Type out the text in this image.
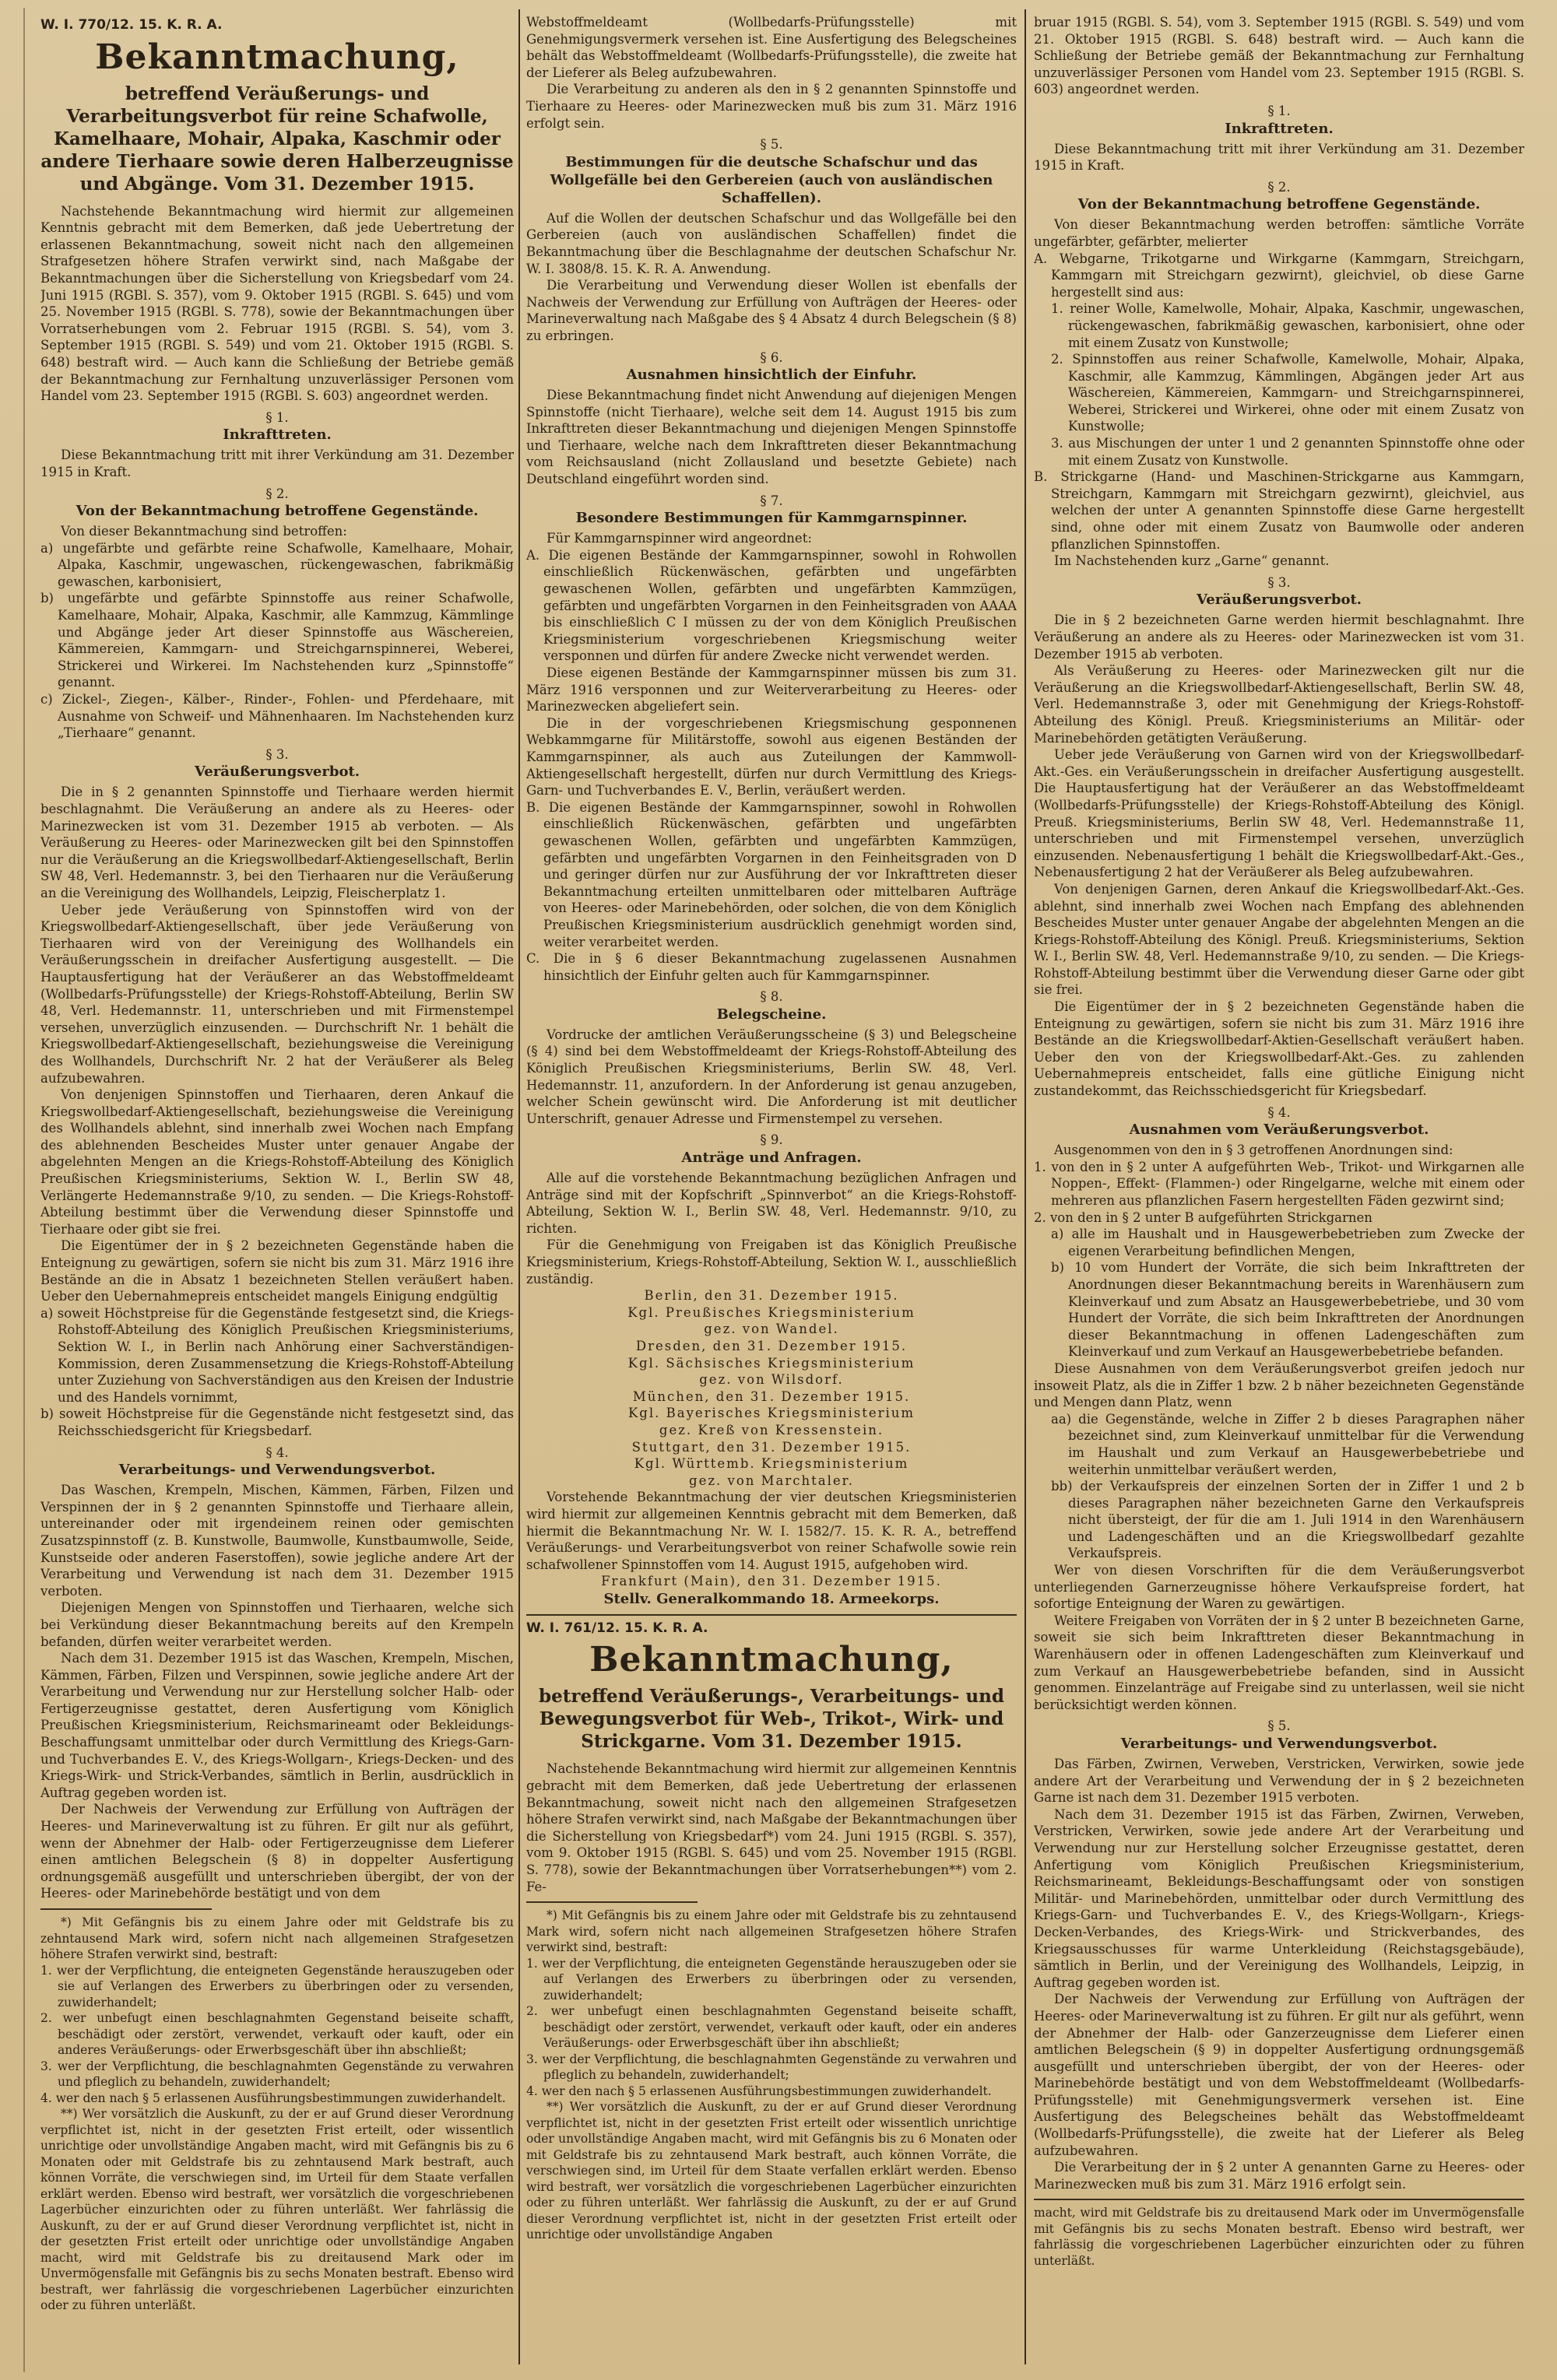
W. I. 770/12. 15. K. R. A.

Bekanntmachung,

betreffend Veräußerungs- und Verarbeitungsverbot für reine Schafwolle, Kamelhaare, Mohair, Alpaka, Kaschmir oder andere Tierhaare sowie deren Halberzeugnisse und Abgänge. Vom 31. Dezember 1915.

Nachstehende Bekanntmachung wird hiermit zur allgemeinen Kenntnis gebracht mit dem Bemerken, daß jede Uebertretung der erlassenen Bekanntmachung, soweit nicht nach den allgemeinen Strafgesetzen höhere Strafen verwirkt sind, nach Maßgabe der Bekanntmachungen über die Sicherstellung von Kriegsbedarf vom 24. Juni 1915 (RGBl. S. 357), vom 9. Oktober 1915 (RGBl. S. 645) und vom 25. November 1915 (RGBl. S. 778), sowie der Bekanntmachungen über Vorratserhebungen vom 2. Februar 1915 (RGBl. S. 54), vom 3. September 1915 (RGBl. S. 549) und vom 21. Oktober 1915 (RGBl. S. 648) bestraft wird. — Auch kann die Schließung der Betriebe gemäß der Bekanntmachung zur Fernhaltung unzuverlässiger Personen vom Handel vom 23. September 1915 (RGBl. S. 603) angeordnet werden.

§ 1.

Inkrafttreten.

Diese Bekanntmachung tritt mit ihrer Verkündung am 31. Dezember 1915 in Kraft.

§ 2.

Von der Bekanntmachung betroffene Gegenstände.

Von dieser Bekanntmachung sind betroffen:

a) ungefärbte und gefärbte reine Schafwolle, Kamelhaare, Mohair, Alpaka, Kaschmir, ungewaschen, rückengewaschen, fabrikmäßig gewaschen, karbonisiert,

b) ungefärbte und gefärbte Spinnstoffe aus reiner Schafwolle, Kamelhaare, Mohair, Alpaka, Kaschmir, alle Kammzug, Kämmlinge und Abgänge jeder Art dieser Spinnstoffe aus Wäschereien, Kämmereien, Kammgarn- und Streichgarnspinnerei, Weberei, Strickerei und Wirkerei. Im Nachstehenden kurz „Spinnstoffe“ genannt.

c) Zickel-, Ziegen-, Kälber-, Rinder-, Fohlen- und Pferdehaare, mit Ausnahme von Schweif- und Mähnenhaaren. Im Nachstehenden kurz „Tierhaare“ genannt.

§ 3.

Veräußerungsverbot.

Die in § 2 genannten Spinnstoffe und Tierhaare werden hiermit beschlagnahmt. Die Veräußerung an andere als zu Heeres- oder Marinezwecken ist vom 31. Dezember 1915 ab verboten. — Als Veräußerung zu Heeres- oder Marinezwecken gilt bei den Spinnstoffen nur die Veräußerung an die Kriegswollbedarf-Aktiengesellschaft, Berlin SW 48, Verl. Hedemannstr. 3, bei den Tierhaaren nur die Veräußerung an die Vereinigung des Wollhandels, Leipzig, Fleischerplatz 1.

Ueber jede Veräußerung von Spinnstoffen wird von der Kriegswollbedarf-Aktiengesellschaft, über jede Veräußerung von Tierhaaren wird von der Vereinigung des Wollhandels ein Veräußerungsschein in dreifacher Ausfertigung ausgestellt. — Die Hauptausfertigung hat der Veräußerer an das Webstoffmeldeamt (Wollbedarfs-Prüfungsstelle) der Kriegs-Rohstoff-Abteilung, Berlin SW 48, Verl. Hedemannstr. 11, unterschrieben und mit Firmenstempel versehen, unverzüglich einzusenden. — Durchschrift Nr. 1 behält die Kriegswollbedarf-Aktiengesellschaft, beziehungsweise die Vereinigung des Wollhandels, Durchschrift Nr. 2 hat der Veräußerer als Beleg aufzubewahren.

Von denjenigen Spinnstoffen und Tierhaaren, deren Ankauf die Kriegswollbedarf-Aktiengesellschaft, beziehungsweise die Vereinigung des Wollhandels ablehnt, sind innerhalb zwei Wochen nach Empfang des ablehnenden Bescheides Muster unter genauer Angabe der abgelehnten Mengen an die Kriegs-Rohstoff-Abteilung des Königlich Preußischen Kriegsministeriums, Sektion W. I., Berlin SW 48, Verlängerte Hedemannstraße 9/10, zu senden. — Die Kriegs-Rohstoff-Abteilung bestimmt über die Verwendung dieser Spinnstoffe und Tierhaare oder gibt sie frei.

Die Eigentümer der in § 2 bezeichneten Gegenstände haben die Enteignung zu gewärtigen, sofern sie nicht bis zum 31. März 1916 ihre Bestände an die in Absatz 1 bezeichneten Stellen veräußert haben. Ueber den Uebernahmepreis entscheidet mangels Einigung endgültig

a) soweit Höchstpreise für die Gegenstände festgesetzt sind, die Kriegs-Rohstoff-Abteilung des Königlich Preußischen Kriegsministeriums, Sektion W. I., in Berlin nach Anhörung einer Sachverständigen-Kommission, deren Zusammensetzung die Kriegs-Rohstoff-Abteilung unter Zuziehung von Sachverständigen aus den Kreisen der Industrie und des Handels vornimmt,

b) soweit Höchstpreise für die Gegenstände nicht festgesetzt sind, das Reichsschiedsgericht für Kriegsbedarf.

§ 4.

Verarbeitungs- und Verwendungsverbot.

Das Waschen, Krempeln, Mischen, Kämmen, Färben, Filzen und Verspinnen der in § 2 genannten Spinnstoffe und Tierhaare allein, untereinander oder mit irgendeinem reinen oder gemischten Zusatzspinnstoff (z. B. Kunstwolle, Baumwolle, Kunstbaumwolle, Seide, Kunstseide oder anderen Faserstoffen), sowie jegliche andere Art der Verarbeitung und Verwendung ist nach dem 31. Dezember 1915 verboten.

Diejenigen Mengen von Spinnstoffen und Tierhaaren, welche sich bei Verkündung dieser Bekanntmachung bereits auf den Krempeln befanden, dürfen weiter verarbeitet werden.

Nach dem 31. Dezember 1915 ist das Waschen, Krempeln, Mischen, Kämmen, Färben, Filzen und Verspinnen, sowie jegliche andere Art der Verarbeitung und Verwendung nur zur Herstellung solcher Halb- oder Fertigerzeugnisse gestattet, deren Ausfertigung vom Königlich Preußischen Kriegsministerium, Reichsmarineamt oder Bekleidungs-Beschaffungsamt unmittelbar oder durch Vermittlung des Kriegs-Garn- und Tuchverbandes E. V., des Kriegs-Wollgarn-, Kriegs-Decken- und des Kriegs-Wirk- und Strick-Verbandes, sämtlich in Berlin, ausdrücklich in Auftrag gegeben worden ist.

Der Nachweis der Verwendung zur Erfüllung von Aufträgen der Heeres- und Marineverwaltung ist zu führen. Er gilt nur als geführt, wenn der Abnehmer der Halb- oder Fertigerzeugnisse dem Lieferer einen amtlichen Belegschein (§ 8) in doppelter Ausfertigung ordnungsgemäß ausgefüllt und unterschrieben übergibt, der von der Heeres- oder Marinebehörde bestätigt und von dem

*) Mit Gefängnis bis zu einem Jahre oder mit Geldstrafe bis zu zehntausend Mark wird, sofern nicht nach allgemeinen Strafgesetzen höhere Strafen verwirkt sind, bestraft:

1. wer der Verpflichtung, die enteigneten Gegenstände herauszugeben oder sie auf Verlangen des Erwerbers zu überbringen oder zu versenden, zuwiderhandelt;

2. wer unbefugt einen beschlagnahmten Gegenstand beiseite schafft, beschädigt oder zerstört, verwendet, verkauft oder kauft, oder ein anderes Veräußerungs- oder Erwerbsgeschäft über ihn abschließt;

3. wer der Verpflichtung, die beschlagnahmten Gegenstände zu verwahren und pfleglich zu behandeln, zuwiderhandelt;

4. wer den nach § 5 erlassenen Ausführungsbestimmungen zuwiderhandelt.

**) Wer vorsätzlich die Auskunft, zu der er auf Grund dieser Verordnung verpflichtet ist, nicht in der gesetzten Frist erteilt, oder wissentlich unrichtige oder unvollständige Angaben macht, wird mit Gefängnis bis zu 6 Monaten oder mit Geldstrafe bis zu zehntausend Mark bestraft, auch können Vorräte, die verschwiegen sind, im Urteil für dem Staate verfallen erklärt werden. Ebenso wird bestraft, wer vorsätzlich die vorgeschriebenen Lagerbücher einzurichten oder zu führen unterläßt. Wer fahrlässig die Auskunft, zu der er auf Grund dieser Verordnung verpflichtet ist, nicht in der gesetzten Frist erteilt oder unrichtige oder unvollständige Angaben macht, wird mit Geldstrafe bis zu dreitausend Mark oder im Unvermögensfalle mit Gefängnis bis zu sechs Monaten bestraft. Ebenso wird bestraft, wer fahrlässig die vorgeschriebenen Lagerbücher einzurichten oder zu führen unterläßt.

Webstoffmeldeamt (Wollbedarfs-Prüfungsstelle) mit Genehmigungsvermerk versehen ist. Eine Ausfertigung des Belegscheines behält das Webstoffmeldeamt (Wollbedarfs-Prüfungsstelle), die zweite hat der Lieferer als Beleg aufzubewahren.

Die Verarbeitung zu anderen als den in § 2 genannten Spinnstoffe und Tierhaare zu Heeres- oder Marinezwecken muß bis zum 31. März 1916 erfolgt sein.

§ 5.

Bestimmungen für die deutsche Schafschur und das Wollgefälle bei den Gerbereien (auch von ausländischen Schaffellen).

Auf die Wollen der deutschen Schafschur und das Wollgefälle bei den Gerbereien (auch von ausländischen Schaffellen) findet die Bekanntmachung über die Beschlagnahme der deutschen Schafschur Nr. W. I. 3808/8. 15. K. R. A. Anwendung.

Die Verarbeitung und Verwendung dieser Wollen ist ebenfalls der Nachweis der Verwendung zur Erfüllung von Aufträgen der Heeres- oder Marineverwaltung nach Maßgabe des § 4 Absatz 4 durch Belegschein (§ 8) zu erbringen.

§ 6.

Ausnahmen hinsichtlich der Einfuhr.

Diese Bekanntmachung findet nicht Anwendung auf diejenigen Mengen Spinnstoffe (nicht Tierhaare), welche seit dem 14. August 1915 bis zum Inkrafttreten dieser Bekanntmachung und diejenigen Mengen Spinnstoffe und Tierhaare, welche nach dem Inkrafttreten dieser Bekanntmachung vom Reichsausland (nicht Zollausland und besetzte Gebiete) nach Deutschland eingeführt worden sind.

§ 7.

Besondere Bestimmungen für Kammgarnspinner.

Für Kammgarnspinner wird angeordnet:

A. Die eigenen Bestände der Kammgarnspinner, sowohl in Rohwollen einschließlich Rückenwäschen, gefärbten und ungefärbten gewaschenen Wollen, gefärbten und ungefärbten Kammzügen, gefärbten und ungefärbten Vorgarnen in den Feinheitsgraden von AAAA bis einschließlich C I müssen zu der von dem Königlich Preußischen Kriegsministerium vorgeschriebenen Kriegsmischung weiter versponnen und dürfen für andere Zwecke nicht verwendet werden.

Diese eigenen Bestände der Kammgarnspinner müssen bis zum 31. März 1916 versponnen und zur Weiterverarbeitung zu Heeres- oder Marinezwecken abgeliefert sein.

Die in der vorgeschriebenen Kriegsmischung gesponnenen Webkammgarne für Militärstoffe, sowohl aus eigenen Beständen der Kammgarnspinner, als auch aus Zuteilungen der Kammwoll-Aktiengesellschaft hergestellt, dürfen nur durch Vermittlung des Kriegs-Garn- und Tuchverbandes E. V., Berlin, veräußert werden.

B. Die eigenen Bestände der Kammgarnspinner, sowohl in Rohwollen einschließlich Rückenwäschen, gefärbten und ungefärbten gewaschenen Wollen, gefärbten und ungefärbten Kammzügen, gefärbten und ungefärbten Vorgarnen in den Feinheitsgraden von D und geringer dürfen nur zur Ausführung der vor Inkrafttreten dieser Bekanntmachung erteilten unmittelbaren oder mittelbaren Aufträge von Heeres- oder Marinebehörden, oder solchen, die von dem Königlich Preußischen Kriegsministerium ausdrücklich genehmigt worden sind, weiter verarbeitet werden.

C. Die in § 6 dieser Bekanntmachung zugelassenen Ausnahmen hinsichtlich der Einfuhr gelten auch für Kammgarnspinner.

§ 8.

Belegscheine.

Vordrucke der amtlichen Veräußerungsscheine (§ 3) und Belegscheine (§ 4) sind bei dem Webstoffmeldeamt der Kriegs-Rohstoff-Abteilung des Königlich Preußischen Kriegsministeriums, Berlin SW. 48, Verl. Hedemannstr. 11, anzufordern. In der Anforderung ist genau anzugeben, welcher Schein gewünscht wird. Die Anforderung ist mit deutlicher Unterschrift, genauer Adresse und Firmenstempel zu versehen.

§ 9.

Anträge und Anfragen.

Alle auf die vorstehende Bekanntmachung bezüglichen Anfragen und Anträge sind mit der Kopfschrift „Spinnverbot“ an die Kriegs-Rohstoff-Abteilung, Sektion W. I., Berlin SW. 48, Verl. Hedemannstr. 9/10, zu richten.

Für die Genehmigung von Freigaben ist das Königlich Preußische Kriegsministerium, Kriegs-Rohstoff-Abteilung, Sektion W. I., ausschließlich zuständig.

Berlin, den 31. Dezember 1915.

Kgl. Preußisches Kriegsministerium

gez. von Wandel.

Dresden, den 31. Dezember 1915.

Kgl. Sächsisches Kriegsministerium

gez. von Wilsdorf.

München, den 31. Dezember 1915.

Kgl. Bayerisches Kriegsministerium

gez. Kreß von Kressenstein.

Stuttgart, den 31. Dezember 1915.

Kgl. Württemb. Kriegsministerium

gez. von Marchtaler.

Vorstehende Bekanntmachung der vier deutschen Kriegsministerien wird hiermit zur allgemeinen Kenntnis gebracht mit dem Bemerken, daß hiermit die Bekanntmachung Nr. W. I. 1582/7. 15. K. R. A., betreffend Veräußerungs- und Verarbeitungsverbot von reiner Schafwolle sowie rein schafwollener Spinnstoffen vom 14. August 1915, aufgehoben wird.

Frankfurt (Main), den 31. Dezember 1915.

Stellv. Generalkommando 18. Armeekorps.

W. I. 761/12. 15. K. R. A.

Bekanntmachung,

betreffend Veräußerungs-, Verarbeitungs- und Bewegungsverbot für Web-, Trikot-, Wirk- und Strickgarne. Vom 31. Dezember 1915.

Nachstehende Bekanntmachung wird hiermit zur allgemeinen Kenntnis gebracht mit dem Bemerken, daß jede Uebertretung der erlassenen Bekanntmachung, soweit nicht nach den allgemeinen Strafgesetzen höhere Strafen verwirkt sind, nach Maßgabe der Bekanntmachungen über die Sicherstellung von Kriegsbedarf*) vom 24. Juni 1915 (RGBl. S. 357), vom 9. Oktober 1915 (RGBl. S. 645) und vom 25. November 1915 (RGBl. S. 778), sowie der Bekanntmachungen über Vorratserhebungen**) vom 2. Fe-

*) Mit Gefängnis bis zu einem Jahre oder mit Geldstrafe bis zu zehntausend Mark wird, sofern nicht nach allgemeinen Strafgesetzen höhere Strafen verwirkt sind, bestraft:

1. wer der Verpflichtung, die enteigneten Gegenstände herauszugeben oder sie auf Verlangen des Erwerbers zu überbringen oder zu versenden, zuwiderhandelt;

2. wer unbefugt einen beschlagnahmten Gegenstand beiseite schafft, beschädigt oder zerstört, verwendet, verkauft oder kauft, oder ein anderes Veräußerungs- oder Erwerbsgeschäft über ihn abschließt;

3. wer der Verpflichtung, die beschlagnahmten Gegenstände zu verwahren und pfleglich zu behandeln, zuwiderhandelt;

4. wer den nach § 5 erlassenen Ausführungsbestimmungen zuwiderhandelt.

**) Wer vorsätzlich die Auskunft, zu der er auf Grund dieser Verordnung verpflichtet ist, nicht in der gesetzten Frist erteilt oder wissentlich unrichtige oder unvollständige Angaben macht, wird mit Gefängnis bis zu 6 Monaten oder mit Geldstrafe bis zu zehntausend Mark bestraft, auch können Vorräte, die verschwiegen sind, im Urteil für dem Staate verfallen erklärt werden. Ebenso wird bestraft, wer vorsätzlich die vorgeschriebenen Lagerbücher einzurichten oder zu führen unterläßt. Wer fahrlässig die Auskunft, zu der er auf Grund dieser Verordnung verpflichtet ist, nicht in der gesetzten Frist erteilt oder unrichtige oder unvollständige Angaben

bruar 1915 (RGBl. S. 54), vom 3. September 1915 (RGBl. S. 549) und vom 21. Oktober 1915 (RGBl. S. 648) bestraft wird. — Auch kann die Schließung der Betriebe gemäß der Bekanntmachung zur Fernhaltung unzuverlässiger Personen vom Handel vom 23. September 1915 (RGBl. S. 603) angeordnet werden.

§ 1.

Inkrafttreten.

Diese Bekanntmachung tritt mit ihrer Verkündung am 31. Dezember 1915 in Kraft.

§ 2.

Von der Bekanntmachung betroffene Gegenstände.

Von dieser Bekanntmachung werden betroffen: sämtliche Vorräte ungefärbter, gefärbter, melierter

A. Webgarne, Trikotgarne und Wirkgarne (Kammgarn, Streichgarn, Kammgarn mit Streichgarn gezwirnt), gleichviel, ob diese Garne hergestellt sind aus:

1. reiner Wolle, Kamelwolle, Mohair, Alpaka, Kaschmir, ungewaschen, rückengewaschen, fabrikmäßig gewaschen, karbonisiert, ohne oder mit einem Zusatz von Kunstwolle;

2. Spinnstoffen aus reiner Schafwolle, Kamelwolle, Mohair, Alpaka, Kaschmir, alle Kammzug, Kämmlingen, Abgängen jeder Art aus Wäschereien, Kämmereien, Kammgarn- und Streichgarnspinnerei, Weberei, Strickerei und Wirkerei, ohne oder mit einem Zusatz von Kunstwolle;

3. aus Mischungen der unter 1 und 2 genannten Spinnstoffe ohne oder mit einem Zusatz von Kunstwolle.

B. Strickgarne (Hand- und Maschinen-Strickgarne aus Kammgarn, Streichgarn, Kammgarn mit Streichgarn gezwirnt), gleichviel, aus welchen der unter A genannten Spinnstoffe diese Garne hergestellt sind, ohne oder mit einem Zusatz von Baumwolle oder anderen pflanzlichen Spinnstoffen.

Im Nachstehenden kurz „Garne“ genannt.

§ 3.

Veräußerungsverbot.

Die in § 2 bezeichneten Garne werden hiermit beschlagnahmt. Ihre Veräußerung an andere als zu Heeres- oder Marinezwecken ist vom 31. Dezember 1915 ab verboten.

Als Veräußerung zu Heeres- oder Marinezwecken gilt nur die Veräußerung an die Kriegswollbedarf-Aktiengesellschaft, Berlin SW. 48, Verl. Hedemannstraße 3, oder mit Genehmigung der Kriegs-Rohstoff-Abteilung des Königl. Preuß. Kriegsministeriums an Militär- oder Marinebehörden getätigten Veräußerung.

Ueber jede Veräußerung von Garnen wird von der Kriegswollbedarf-Akt.-Ges. ein Veräußerungsschein in dreifacher Ausfertigung ausgestellt. Die Hauptausfertigung hat der Veräußerer an das Webstoffmeldeamt (Wollbedarfs-Prüfungsstelle) der Kriegs-Rohstoff-Abteilung des Königl. Preuß. Kriegsministeriums, Berlin SW 48, Verl. Hedemannstraße 11, unterschrieben und mit Firmenstempel versehen, unverzüglich einzusenden. Nebenausfertigung 1 behält die Kriegswollbedarf-Akt.-Ges., Nebenausfertigung 2 hat der Veräußerer als Beleg aufzubewahren.

Von denjenigen Garnen, deren Ankauf die Kriegswollbedarf-Akt.-Ges. ablehnt, sind innerhalb zwei Wochen nach Empfang des ablehnenden Bescheides Muster unter genauer Angabe der abgelehnten Mengen an die Kriegs-Rohstoff-Abteilung des Königl. Preuß. Kriegsministeriums, Sektion W. I., Berlin SW. 48, Verl. Hedemannstraße 9/10, zu senden. — Die Kriegs-Rohstoff-Abteilung bestimmt über die Verwendung dieser Garne oder gibt sie frei.

Die Eigentümer der in § 2 bezeichneten Gegenstände haben die Enteignung zu gewärtigen, sofern sie nicht bis zum 31. März 1916 ihre Bestände an die Kriegswollbedarf-Aktien-Gesellschaft veräußert haben. Ueber den von der Kriegswollbedarf-Akt.-Ges. zu zahlenden Uebernahmepreis entscheidet, falls eine gütliche Einigung nicht zustandekommt, das Reichsschiedsgericht für Kriegsbedarf.

§ 4.

Ausnahmen vom Veräußerungsverbot.

Ausgenommen von den in § 3 getroffenen Anordnungen sind:

1. von den in § 2 unter A aufgeführten Web-, Trikot- und Wirkgarnen alle Noppen-, Effekt- (Flammen-) oder Ringelgarne, welche mit einem oder mehreren aus pflanzlichen Fasern hergestellten Fäden gezwirnt sind;

2. von den in § 2 unter B aufgeführten Strickgarnen

a) alle im Haushalt und in Hausgewerbebetrieben zum Zwecke der eigenen Verarbeitung befindlichen Mengen,

b) 10 vom Hundert der Vorräte, die sich beim Inkrafttreten der Anordnungen dieser Bekanntmachung bereits in Warenhäusern zum Kleinverkauf und zum Absatz an Hausgewerbebetriebe, und 30 vom Hundert der Vorräte, die sich beim Inkrafttreten der Anordnungen dieser Bekanntmachung in offenen Ladengeschäften zum Kleinverkauf und zum Verkauf an Hausgewerbebetriebe befanden.

Diese Ausnahmen von dem Veräußerungsverbot greifen jedoch nur insoweit Platz, als die in Ziffer 1 bzw. 2 b näher bezeichneten Gegenstände und Mengen dann Platz, wenn

aa) die Gegenstände, welche in Ziffer 2 b dieses Paragraphen näher bezeichnet sind, zum Kleinverkauf unmittelbar für die Verwendung im Haushalt und zum Verkauf an Hausgewerbebetriebe und weiterhin unmittelbar veräußert werden,

bb) der Verkaufspreis der einzelnen Sorten der in Ziffer 1 und 2 b dieses Paragraphen näher bezeichneten Garne den Verkaufspreis nicht übersteigt, der für die am 1. Juli 1914 in den Warenhäusern und Ladengeschäften und an die Kriegswollbedarf gezahlte Verkaufspreis.

Wer von diesen Vorschriften für die dem Veräußerungsverbot unterliegenden Garnerzeugnisse höhere Verkaufspreise fordert, hat sofortige Enteignung der Waren zu gewärtigen.

Weitere Freigaben von Vorräten der in § 2 unter B bezeichneten Garne, soweit sie sich beim Inkrafttreten dieser Bekanntmachung in Warenhäusern oder in offenen Ladengeschäften zum Kleinverkauf und zum Verkauf an Hausgewerbebetriebe befanden, sind in Aussicht genommen. Einzelanträge auf Freigabe sind zu unterlassen, weil sie nicht berücksichtigt werden können.

§ 5.

Verarbeitungs- und Verwendungsverbot.

Das Färben, Zwirnen, Verweben, Verstricken, Verwirken, sowie jede andere Art der Verarbeitung und Verwendung der in § 2 bezeichneten Garne ist nach dem 31. Dezember 1915 verboten.

Nach dem 31. Dezember 1915 ist das Färben, Zwirnen, Verweben, Verstricken, Verwirken, sowie jede andere Art der Verarbeitung und Verwendung nur zur Herstellung solcher Erzeugnisse gestattet, deren Anfertigung vom Königlich Preußischen Kriegsministerium, Reichsmarineamt, Bekleidungs-Beschaffungsamt oder von sonstigen Militär- und Marinebehörden, unmittelbar oder durch Vermittlung des Kriegs-Garn- und Tuchverbandes E. V., des Kriegs-Wollgarn-, Kriegs-Decken-Verbandes, des Kriegs-Wirk- und Strickverbandes, des Kriegsausschusses für warme Unterkleidung (Reichstagsgebäude), sämtlich in Berlin, und der Vereinigung des Wollhandels, Leipzig, in Auftrag gegeben worden ist.

Der Nachweis der Verwendung zur Erfüllung von Aufträgen der Heeres- oder Marineverwaltung ist zu führen. Er gilt nur als geführt, wenn der Abnehmer der Halb- oder Ganzerzeugnisse dem Lieferer einen amtlichen Belegschein (§ 9) in doppelter Ausfertigung ordnungsgemäß ausgefüllt und unterschrieben übergibt, der von der Heeres- oder Marinebehörde bestätigt und von dem Webstoffmeldeamt (Wollbedarfs-Prüfungsstelle) mit Genehmigungsvermerk versehen ist. Eine Ausfertigung des Belegscheines behält das Webstoffmeldeamt (Wollbedarfs-Prüfungsstelle), die zweite hat der Lieferer als Beleg aufzubewahren.

Die Verarbeitung der in § 2 unter A genannten Garne zu Heeres- oder Marinezwecken muß bis zum 31. März 1916 erfolgt sein.

macht, wird mit Geldstrafe bis zu dreitausend Mark oder im Unvermögensfalle mit Gefängnis bis zu sechs Monaten bestraft. Ebenso wird bestraft, wer fahrlässig die vorgeschriebenen Lagerbücher einzurichten oder zu führen unterläßt.
